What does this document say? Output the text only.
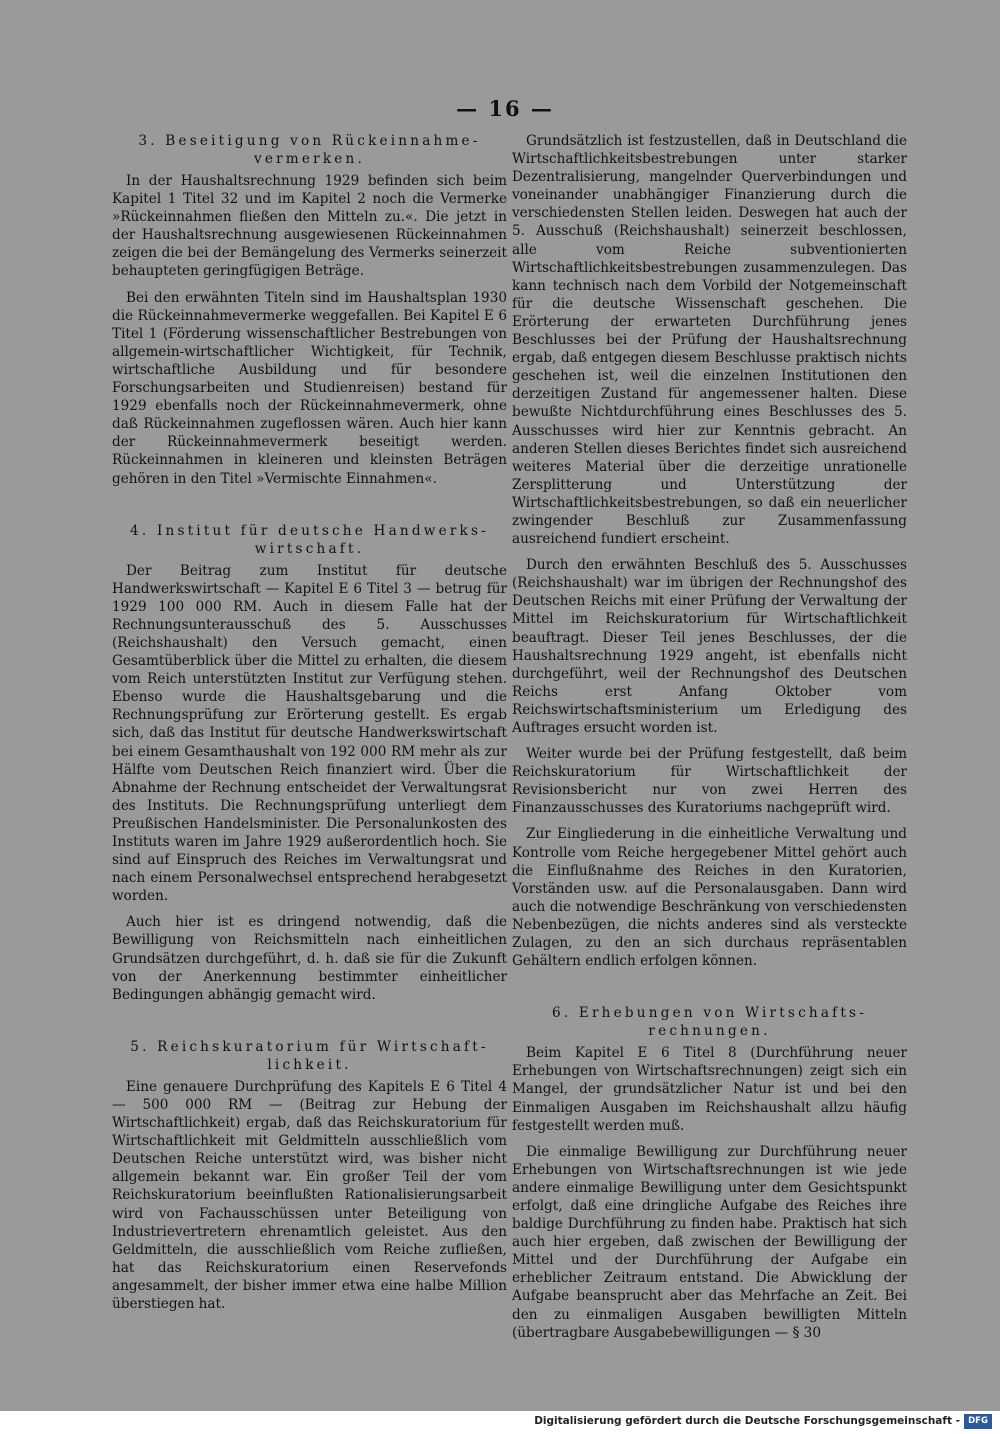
— 16 —
3. Beseitigung von Rückeinnahme-vermerken.

In der Haushaltsrechnung 1929 befinden sich beim Kapitel 1 Titel 32 und im Kapitel 2 noch die Vermerke »Rückeinnahmen fließen den Mitteln zu.«. Die jetzt in der Haushaltsrechnung ausgewiesenen Rückeinnahmen zeigen die bei der Bemängelung des Vermerks seinerzeit behaupteten geringfügigen Beträge.

Bei den erwähnten Titeln sind im Haushaltsplan 1930 die Rückeinnahmevermerke weggefallen. Bei Kapitel E 6 Titel 1 (Förderung wissenschaftlicher Bestrebungen von allgemein-wirtschaftlicher Wichtigkeit, für Technik, wirtschaftliche Ausbildung und für besondere Forschungsarbeiten und Studienreisen) bestand für 1929 ebenfalls noch der Rückeinnahmevermerk, ohne daß Rückeinnahmen zugeflossen wären. Auch hier kann der Rückeinnahmevermerk beseitigt werden. Rückeinnahmen in kleineren und kleinsten Beträgen gehören in den Titel »Vermischte Einnahmen«.

4. Institut für deutsche Handwerks-wirtschaft.

Der Beitrag zum Institut für deutsche Handwerkswirtschaft — Kapitel E 6 Titel 3 — betrug für 1929 100 000 RM. Auch in diesem Falle hat der Rechnungsunterausschuß des 5. Ausschusses (Reichshaushalt) den Versuch gemacht, einen Gesamtüberblick über die Mittel zu erhalten, die diesem vom Reich unterstützten Institut zur Verfügung stehen. Ebenso wurde die Haushaltsgebarung und die Rechnungsprüfung zur Erörterung gestellt. Es ergab sich, daß das Institut für deutsche Handwerkswirtschaft bei einem Gesamthaushalt von 192 000 RM mehr als zur Hälfte vom Deutschen Reich finanziert wird. Über die Abnahme der Rechnung entscheidet der Verwaltungsrat des Instituts. Die Rechnungsprüfung unterliegt dem Preußischen Handelsminister. Die Personalunkosten des Instituts waren im Jahre 1929 außerordentlich hoch. Sie sind auf Einspruch des Reiches im Verwaltungsrat und nach einem Personalwechsel entsprechend herabgesetzt worden.

Auch hier ist es dringend notwendig, daß die Bewilligung von Reichsmitteln nach einheitlichen Grundsätzen durchgeführt, d. h. daß sie für die Zukunft von der Anerkennung bestimmter einheitlicher Bedingungen abhängig gemacht wird.

5. Reichskuratorium für Wirtschaft-lichkeit.

Eine genauere Durchprüfung des Kapitels E 6 Titel 4 — 500 000 RM — (Beitrag zur Hebung der Wirtschaftlichkeit) ergab, daß das Reichskuratorium für Wirtschaftlichkeit mit Geldmitteln ausschließlich vom Deutschen Reiche unterstützt wird, was bisher nicht allgemein bekannt war. Ein großer Teil der vom Reichskuratorium beeinflußten Rationalisierungsarbeit wird von Fachausschüssen unter Beteiligung von Industrievertretern ehrenamtlich geleistet. Aus den Geldmitteln, die ausschließlich vom Reiche zufließen, hat das Reichskuratorium einen Reservefonds angesammelt, der bisher immer etwa eine halbe Million überstiegen hat.

Grundsätzlich ist festzustellen, daß in Deutschland die Wirtschaftlichkeitsbestrebungen unter starker Dezentralisierung, mangelnder Querverbindungen und voneinander unabhängiger Finanzierung durch die verschiedensten Stellen leiden. Deswegen hat auch der 5. Ausschuß (Reichshaushalt) seinerzeit beschlossen, alle vom Reiche subventionierten Wirtschaftlichkeitsbestrebungen zusammenzulegen. Das kann technisch nach dem Vorbild der Notgemeinschaft für die deutsche Wissenschaft geschehen. Die Erörterung der erwarteten Durchführung jenes Beschlusses bei der Prüfung der Haushaltsrechnung ergab, daß entgegen diesem Beschlusse praktisch nichts geschehen ist, weil die einzelnen Institutionen den derzeitigen Zustand für angemessener halten. Diese bewußte Nichtdurchführung eines Beschlusses des 5. Ausschusses wird hier zur Kenntnis gebracht. An anderen Stellen dieses Berichtes findet sich ausreichend weiteres Material über die derzeitige unrationelle Zersplitterung und Unterstützung der Wirtschaftlichkeitsbestrebungen, so daß ein neuerlicher zwingender Beschluß zur Zusammenfassung ausreichend fundiert erscheint.

Durch den erwähnten Beschluß des 5. Ausschusses (Reichshaushalt) war im übrigen der Rechnungshof des Deutschen Reichs mit einer Prüfung der Verwaltung der Mittel im Reichskuratorium für Wirtschaftlichkeit beauftragt. Dieser Teil jenes Beschlusses, der die Haushaltsrechnung 1929 angeht, ist ebenfalls nicht durchgeführt, weil der Rechnungshof des Deutschen Reichs erst Anfang Oktober vom Reichswirtschaftsministerium um Erledigung des Auftrages ersucht worden ist.

Weiter wurde bei der Prüfung festgestellt, daß beim Reichskuratorium für Wirtschaftlichkeit der Revisionsbericht nur von zwei Herren des Finanzausschusses des Kuratoriums nachgeprüft wird.

Zur Eingliederung in die einheitliche Verwaltung und Kontrolle vom Reiche hergegebener Mittel gehört auch die Einflußnahme des Reiches in den Kuratorien, Vorständen usw. auf die Personalausgaben. Dann wird auch die notwendige Beschränkung von verschiedensten Nebenbezügen, die nichts anderes sind als versteckte Zulagen, zu den an sich durchaus repräsentablen Gehältern endlich erfolgen können.

6. Erhebungen von Wirtschafts-rechnungen.

Beim Kapitel E 6 Titel 8 (Durchführung neuer Erhebungen von Wirtschaftsrechnungen) zeigt sich ein Mangel, der grundsätzlicher Natur ist und bei den Einmaligen Ausgaben im Reichshaushalt allzu häufig festgestellt werden muß.

Die einmalige Bewilligung zur Durchführung neuer Erhebungen von Wirtschaftsrechnungen ist wie jede andere einmalige Bewilligung unter dem Gesichtspunkt erfolgt, daß eine dringliche Aufgabe des Reiches ihre baldige Durchführung zu finden habe. Praktisch hat sich auch hier ergeben, daß zwischen der Bewilligung der Mittel und der Durchführung der Aufgabe ein erheblicher Zeitraum entstand. Die Abwicklung der Aufgabe beansprucht aber das Mehrfache an Zeit. Bei den zu einmaligen Ausgaben bewilligten Mitteln (übertragbare Ausgabebewilligungen — § 30

Digitalisierung gefördert durch die Deutsche Forschungsgemeinschaft - DFG
